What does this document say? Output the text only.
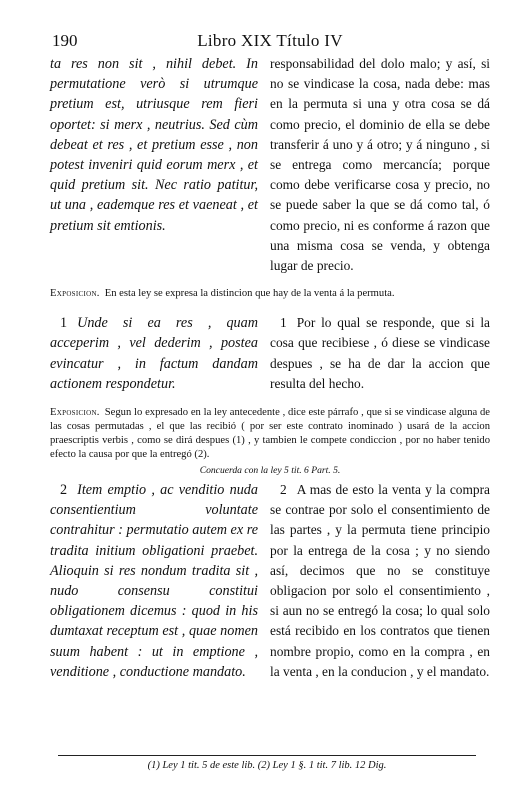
190	Libro XIX Título IV
ta res non sit , nihil debet. In permutatione verò si utrumque pretium est, utriusque rem fieri oportet: si merx , neutrius. Sed cùm debeat et res , et pretium esse , non potest inveniri quid eorum merx , et quid pretium sit. Nec ratio patitur, ut una , eademque res et vaeneat , et pretium sit emtionis.
responsabilidad del dolo malo; y así, si no se vindicase la cosa, nada debe: mas en la permuta si una y otra cosa se dá como precio, el dominio de ella se debe transferir á uno y á otro; y á ninguno , si se entrega como mercancía; porque como debe verificarse cosa y precio, no se puede saber la que se dá como tal, ó como precio, ni es conforme á razon que una misma cosa se venda, y obtenga lugar de precio.

Exposicion. En esta ley se expresa la distincion que hay de la venta á la permuta.

1 Unde si ea res , quam acceperim , vel dederim , postea evincatur , in factum dandam actionem respondetur.
1 Por lo qual se responde, que si la cosa que recibiese , ó diese se vindicase despues , se ha de dar la accion que resulta del hecho.

Exposicion. Segun lo expresado en la ley antecedente , dice este párrafo , que si se vindicase alguna de las cosas permutadas , el que las recibió ( por ser este contrato inominado ) usará de la accion praescriptis verbis , como se dirá despues (1) , y tambien le compete condiccion , por no haber tenido efecto la causa por que la entregó (2).

Concuerda con la ley 5 tit. 6 Part. 5.
2 Item emptio , ac venditio nuda consentientium voluntate contrahitur : permutatio autem ex re tradita initium obligationi praebet. Alioquin si res nondum tradita sit , nudo consensu constitui obligationem dicemus : quod in his dumtaxat receptum est , quae nomen suum habent : ut in emptione , venditione , conductione mandato.
2 A mas de esto la venta y la compra se contrae por solo el consentimiento de las partes , y la permuta tiene principio por la entrega de la cosa ; y no siendo así, decimos que no se constituye obligacion por solo el consentimiento , si aun no se entregó la cosa; lo qual solo está recibido en los contratos que tienen nombre propio, como en la compra , en la venta , en la conducion , y el mandato.
(1) Ley 1 tit. 5 de este lib. (2) Ley 1 §. 1 tit. 7 lib. 12 Dig.
